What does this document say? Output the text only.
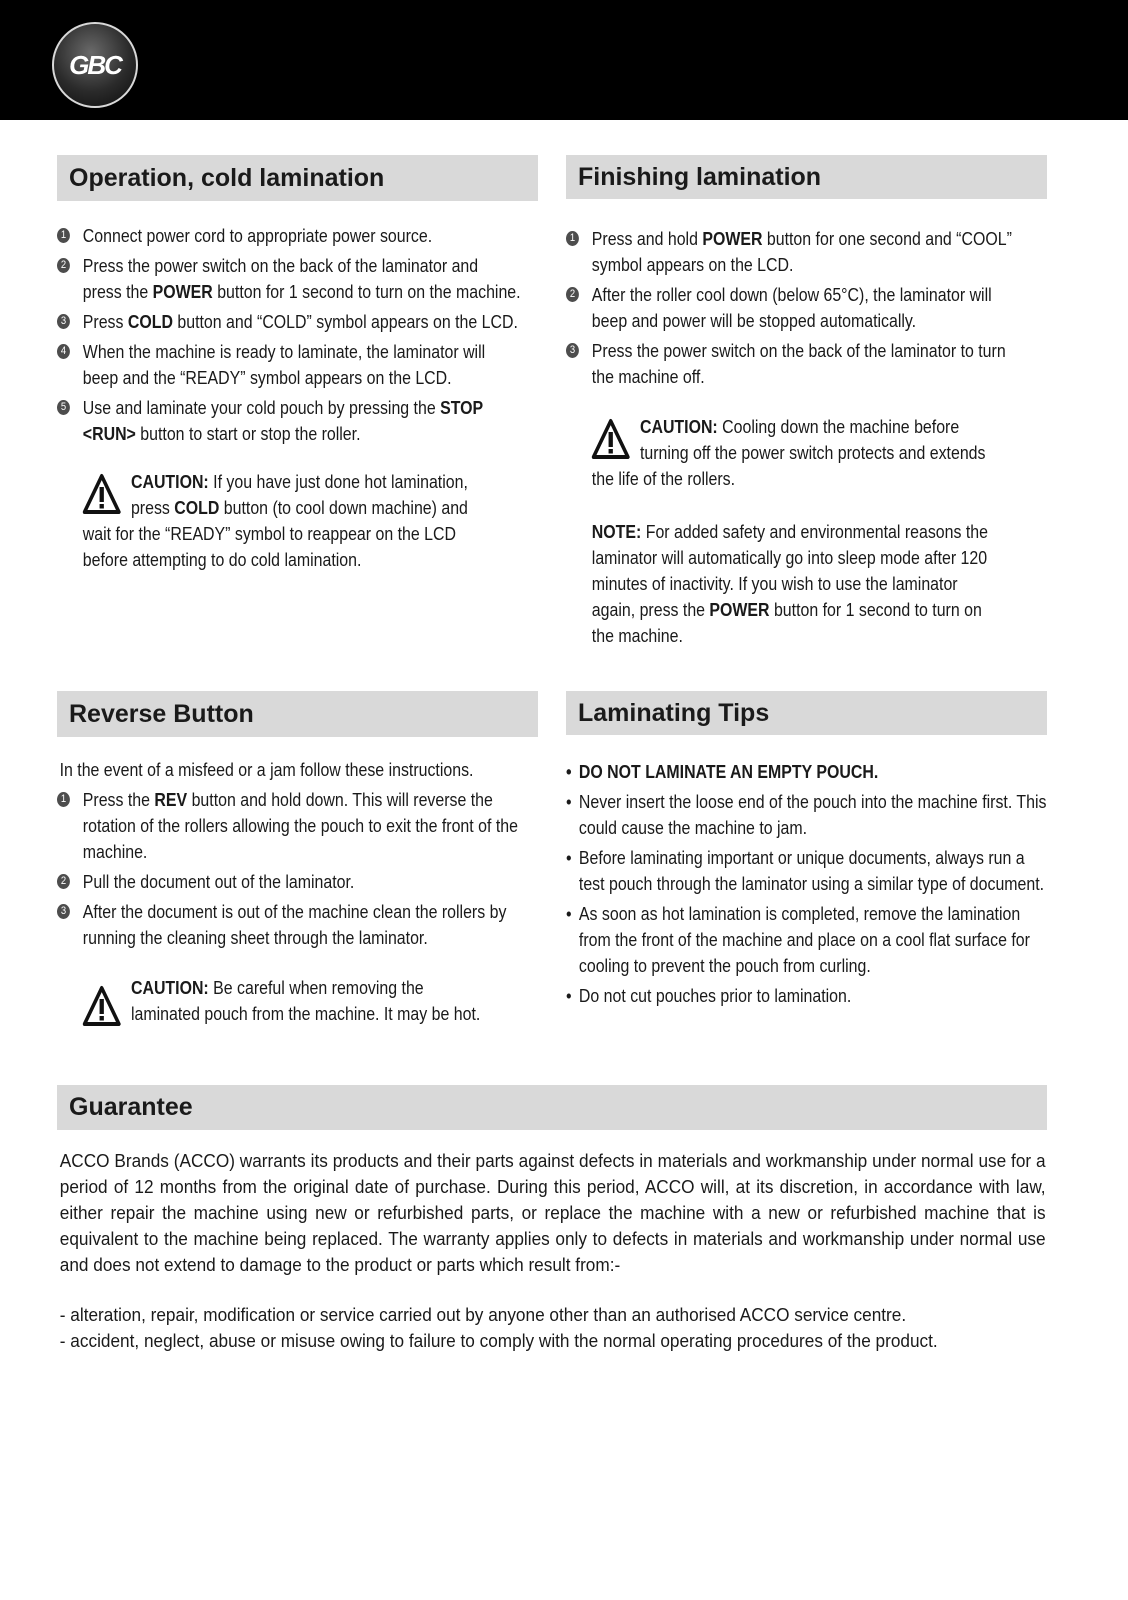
GBC
Operation, cold lamination
1 Connect power cord to appropriate power source.
2 Press the power switch on the back of the laminator and press the POWER button for 1 second to turn on the machine.
3 Press COLD button and “COLD” symbol appears on the LCD.
4 When the machine is ready to laminate, the laminator will beep and the “READY” symbol appears on the LCD.
5 Use and laminate your cold pouch by pressing the STOP <RUN> button to start or stop the roller.
CAUTION: If you have just done hot lamination,
press COLD button (to cool down machine) and
wait for the “READY” symbol to reappear on the LCD before attempting to do cold lamination.
Finishing lamination
1 Press and hold POWER button for one second and “COOL” symbol appears on the LCD.
2 After the roller cool down (below 65°C), the laminator will beep and power will be stopped automatically.
3 Press the power switch on the back of the laminator to turn the machine off.
CAUTION: Cooling down the machine before
turning off the power switch protects and extends
the life of the rollers.
NOTE: For added safety and environmental reasons the laminator will automatically go into sleep mode after 120 minutes of inactivity. If you wish to use the laminator again, press the POWER button for 1 second to turn on the machine.
Reverse Button
In the event of a misfeed or a jam follow these instructions.
1 Press the REV button and hold down. This will reverse the rotation of the rollers allowing the pouch to exit the front of the machine.
2 Pull the document out of the laminator.
3 After the document is out of the machine clean the rollers by running the cleaning sheet through the laminator.
CAUTION: Be careful when removing the
laminated pouch from the machine. It may be hot.
Laminating Tips
• DO NOT LAMINATE AN EMPTY POUCH.
• Never insert the loose end of the pouch into the machine first. This could cause the machine to jam.
• Before laminating important or unique documents, always run a test pouch through the laminator using a similar type of document.
• As soon as hot lamination is completed, remove the lamination from the front of the machine and place on a cool flat surface for cooling to prevent the pouch from curling.
• Do not cut pouches prior to lamination.
Guarantee
ACCO Brands (ACCO) warrants its products and their parts against defects in materials and workmanship under normal use for a period of 12 months from the original date of purchase. During this period, ACCO will, at its discretion, in accordance with law, either repair the machine using new or refurbished parts, or replace the machine with a new or refurbished machine that is equivalent to the machine being replaced. The warranty applies only to defects in materials and workmanship under normal use and does not extend to damage to the product or parts which result from:-
- alteration, repair, modification or service carried out by anyone other than an authorised ACCO service centre.
- accident, neglect, abuse or misuse owing to failure to comply with the normal operating procedures of the product.
